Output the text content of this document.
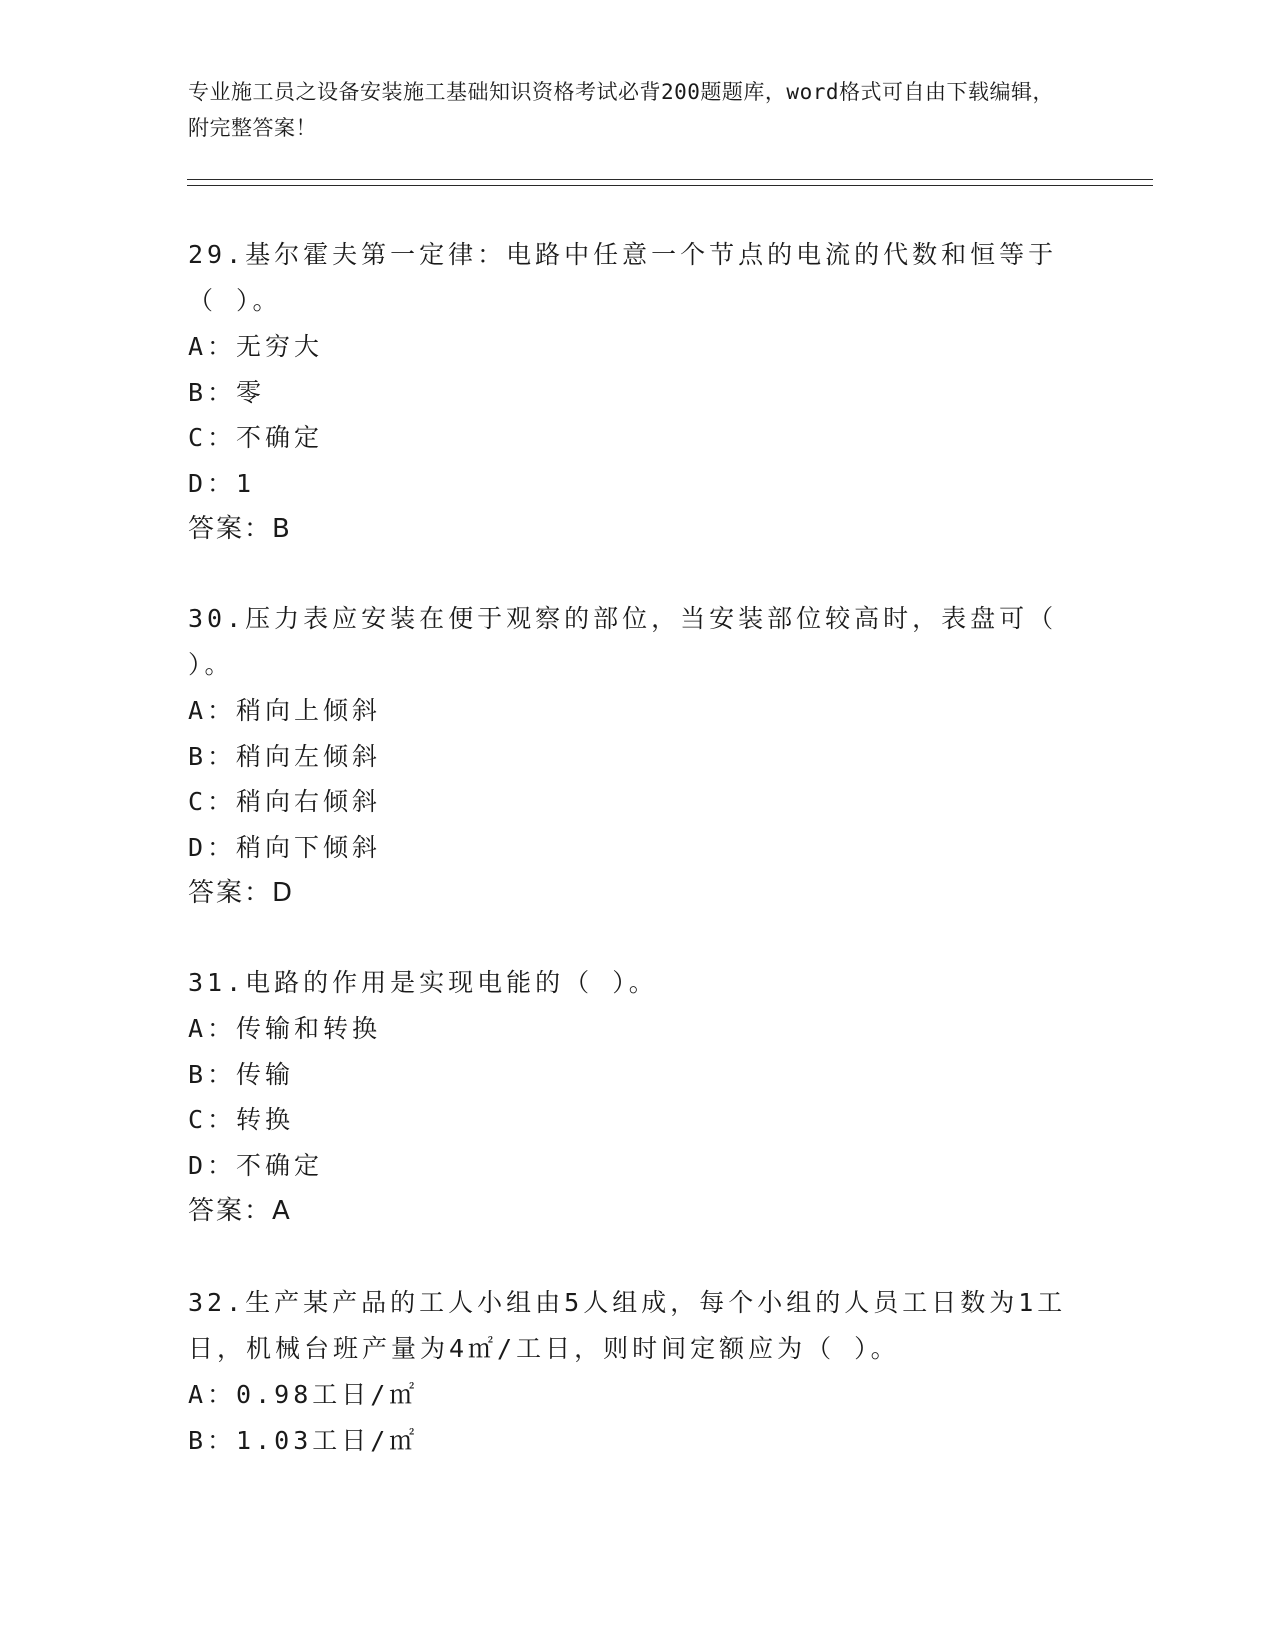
专业施工员之设备安装施工基础知识资格考试必背200题题库，word格式可自由下载编辑，附完整答案！
29.基尔霍夫第一定律：电路中任意一个节点的电流的代数和恒等于（ ）。
A：无穷大
B：零
C：不确定
D：1
答案：B
30.压力表应安装在便于观察的部位，当安装部位较高时，表盘可（ ）。
A：稍向上倾斜
B：稍向左倾斜
C：稍向右倾斜
D：稍向下倾斜
答案：D
31.电路的作用是实现电能的（ ）。
A：传输和转换
B：传输
C：转换
D：不确定
答案：A
32.生产某产品的工人小组由5人组成，每个小组的人员工日数为1工日，机械台班产量为4㎡/工日，则时间定额应为（ ）。
A：0.98工日/㎡
B：1.03工日/㎡
